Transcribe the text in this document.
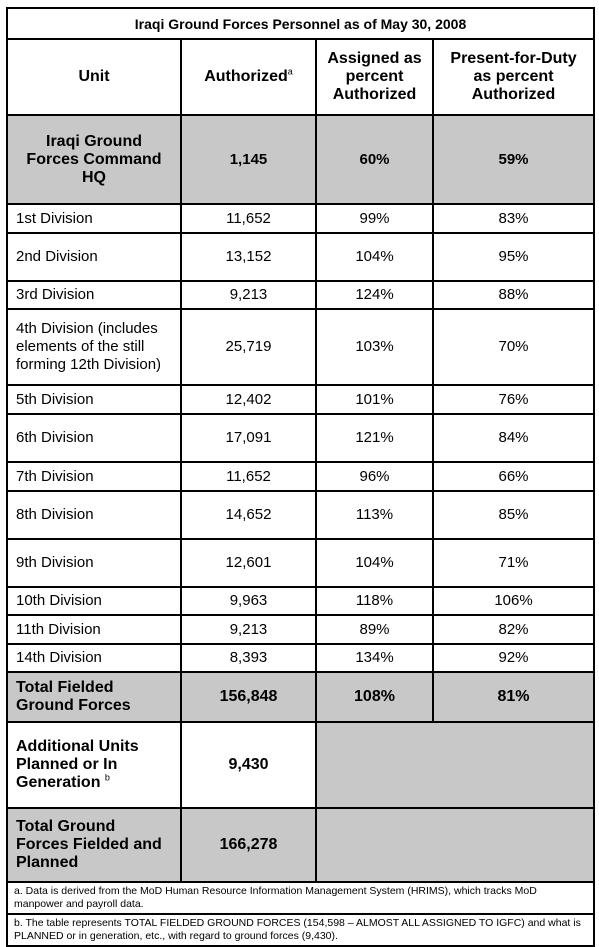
Iraqi Ground Forces Personnel as of May 30, 2008			
Unit	Authorized$^a$	Assigned as percent Authorized	Present-for-Duty as percent Authorized
Iraqi Ground Forces Command HQ	1,145	60%	59%
1st Division	11,652	99%	83%
2nd Division	13,152	104%	95%
3rd Division	9,213	124%	88%
4th Division (includes elements of the still forming 12th Division)	25,719	103%	70%
5th Division	12,402	101%	76%
6th Division	17,091	121%	84%
7th Division	11,652	96%	66%
8th Division	14,652	113%	85%
9th Division	12,601	104%	71%
10th Division	9,963	118%	106%
11th Division	9,213	89%	82%
14th Division	8,393	134%	92%
Total Fielded Ground Forces	156,848	108%	81%
Additional Units Planned or In Generation $^b$	9,430		
Total Ground Forces Fielded and Planned	166,278		
a. Data is derived from the MoD Human Resource Information Management System (HRIMS), which tracks MoD manpower and payroll data.			
b. The table represents TOTAL FIELDED GROUND FORCES (154,598 – ALMOST ALL ASSIGNED TO IGFC) and what is PLANNED or in generation, etc., with regard to ground forces (9,430).			
